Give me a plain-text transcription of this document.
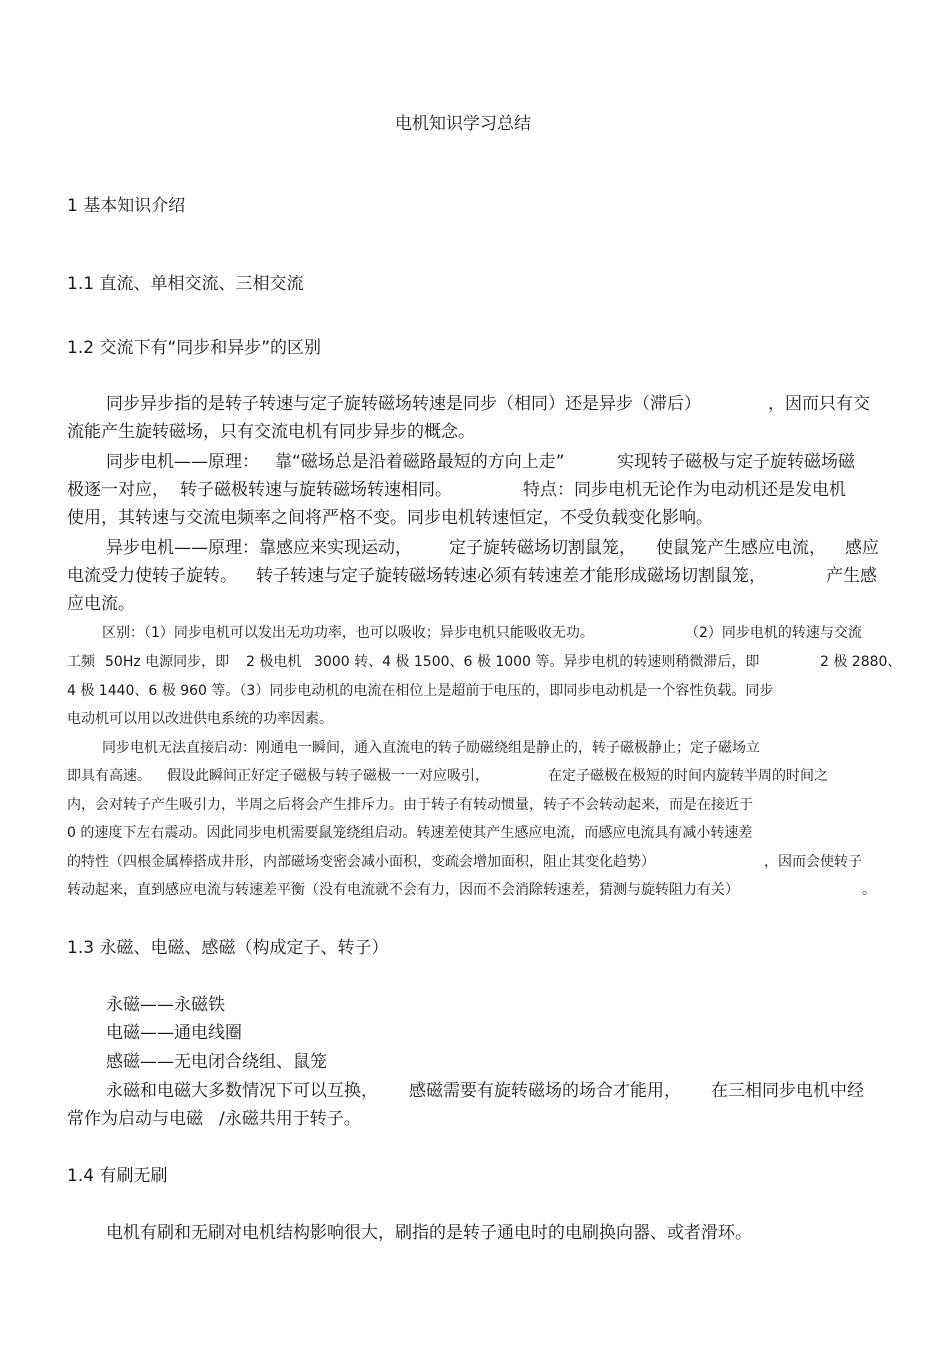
电机知识学习总结
1 基本知识介绍
1.1 直流、单相交流、三相交流
1.2 交流下有“同步和异步”的区别
同步异步指的是转子转速与定子旋转磁场转速是同步（相同）还是异步（滞后）	，因而只有交
流能产生旋转磁场，只有交流电机有同步异步的概念。
同步电机——原理： 靠“磁场总是沿着磁路最短的方向上走”	实现转子磁极与定子旋转磁场磁
极逐一对应， 转子磁极转速与旋转磁场转速相同。	特点：同步电机无论作为电动机还是发电机
使用，其转速与交流电频率之间将严格不变。同步电机转速恒定，不受负载变化影响。
异步电机——原理：靠感应来实现运动， 定子旋转磁场切割鼠笼， 使鼠笼产生感应电流， 感应
电流受力使转子旋转。 转子转速与定子旋转磁场转速必须有转速差才能形成磁场切割鼠笼，	产生感
应电流。
区别：（1）同步电机可以发出无功功率，也可以吸收；异步电机只能吸收无功。	（2）同步电机的转速与交流
工频 50Hz 电源同步，即 2 极电机 3000 转、4 极 1500、6 极 1000 等。异步电机的转速则稍微滞后，即	2 极 2880、
4 极 1440、6 极 960 等。（3）同步电动机的电流在相位上是超前于电压的，即同步电动机是一个容性负载。同步
电动机可以用以改进供电系统的功率因素。
同步电机无法直接启动：刚通电一瞬间，通入直流电的转子励磁绕组是静止的，转子磁极静止；定子磁场立
即具有高速。 假设此瞬间正好定子磁极与转子磁极一一对应吸引，	在定子磁极在极短的时间内旋转半周的时间之
内，会对转子产生吸引力，半周之后将会产生排斥力。由于转子有转动惯量，转子不会转动起来，而是在接近于
0 的速度下左右震动。因此同步电机需要鼠笼绕组启动。转速差使其产生感应电流，而感应电流具有减小转速差
的特性（四根金属棒搭成井形，内部磁场变密会减小面积，变疏会增加面积，阻止其变化趋势）	，因而会使转子
转动起来，直到感应电流与转速差平衡（没有电流就不会有力，因而不会消除转速差，猜测与旋转阻力有关）	。
1.3 永磁、电磁、感磁（构成定子、转子）
永磁——永磁铁
电磁——通电线圈
感磁——无电闭合绕组、鼠笼
永磁和电磁大多数情况下可以互换， 感磁需要有旋转磁场的场合才能用， 在三相同步电机中经
常作为启动与电磁 /永磁共用于转子。
1.4 有刷无刷
电机有刷和无刷对电机结构影响很大，刷指的是转子通电时的电刷换向器、或者滑环。
